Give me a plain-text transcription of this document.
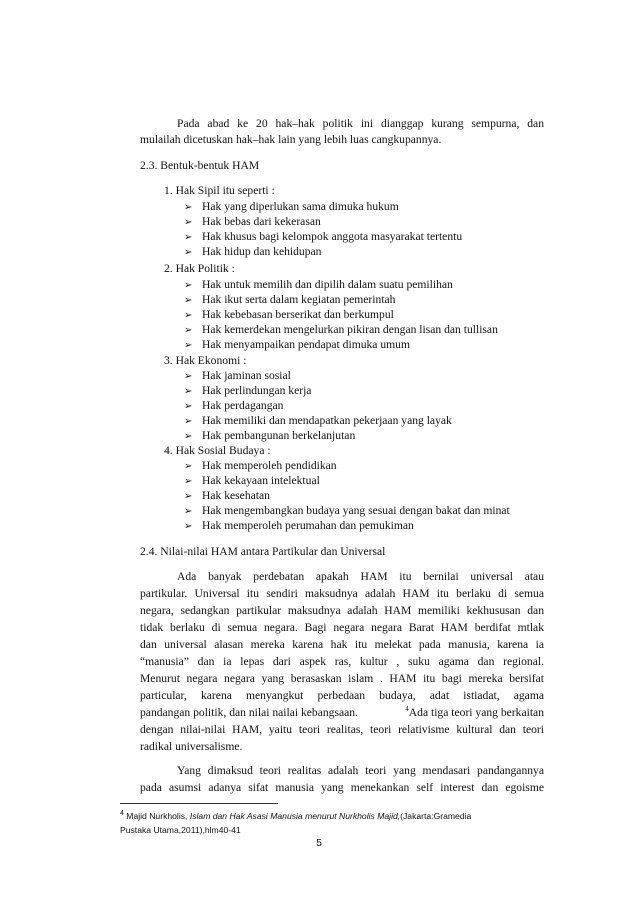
Pada abad ke 20 hak–hak politik ini dianggap kurang sempurna, dan
mulailah dicetuskan hak–hak lain yang lebih luas cangkupannya.
2.3. Bentuk-bentuk HAM
1. Hak Sipil itu seperti :
➢ Hak yang diperlukan sama dimuka hukum
➢ Hak bebas dari kekerasan
➢ Hak khusus bagi kelompok anggota masyarakat tertentu
➢ Hak hidup dan kehidupan
2. Hak Politik :
➢ Hak untuk memilih dan dipilih dalam suatu pemilihan
➢ Hak ikut serta dalam kegiatan pemerintah
➢ Hak kebebasan berserikat dan berkumpul
➢ Hak kemerdekan mengelurkan pikiran dengan lisan dan tullisan
➢ Hak menyampaikan pendapat dimuka umum
3. Hak Ekonomi :
➢ Hak jaminan sosial
➢ Hak perlindungan kerja
➢ Hak perdagangan
➢ Hak memiliki dan mendapatkan pekerjaan yang layak
➢ Hak pembangunan berkelanjutan
4. Hak Sosial Budaya :
➢ Hak memperoleh pendidikan
➢ Hak kekayaan intelektual
➢ Hak kesehatan
➢ Hak mengembangkan budaya yang sesuai dengan bakat dan minat
➢ Hak memperoleh perumahan dan pemukiman
2.4. Nilai-nilai HAM antara Partikular dan Universal
Ada banyak perdebatan apakah HAM itu bernilai universal atau
partikular. Universal itu sendiri maksudnya adalah HAM itu berlaku di semua
negara, sedangkan partikular maksudnya adalah HAM memiliki kekhususan dan
tidak berlaku di semua negara. Bagi negara negara Barat HAM berdifat mtlak
dan universal alasan mereka karena hak itu melekat pada manusia, karena ia
“manusia” dan ia lepas dari aspek ras, kultur , suku agama dan regional.
Menurut negara negara yang berasaskan islam . HAM itu bagi mereka bersifat
particular, karena menyangkut perbedaan budaya, adat istiadat, agama
pandangan politik, dan nilai nailai kebangsaan.	$^4$Ada tiga teori yang berkaitan
dengan nilai-nilai HAM, yaitu teori realitas, teori relativisme kultural dan teori
radikal universalisme.
Yang dimaksud teori realitas adalah teori yang mendasari pandangannya
pada asumsi adanya sifat manusia yang menekankan self interest dan egoisme
$^4$ Majid Nurkholis, Islam dan Hak Asasi Manusia menurut Nurkholis Majid,(Jakarta:Gramedia
Pustaka Utama,2011),hlm40-41
5
